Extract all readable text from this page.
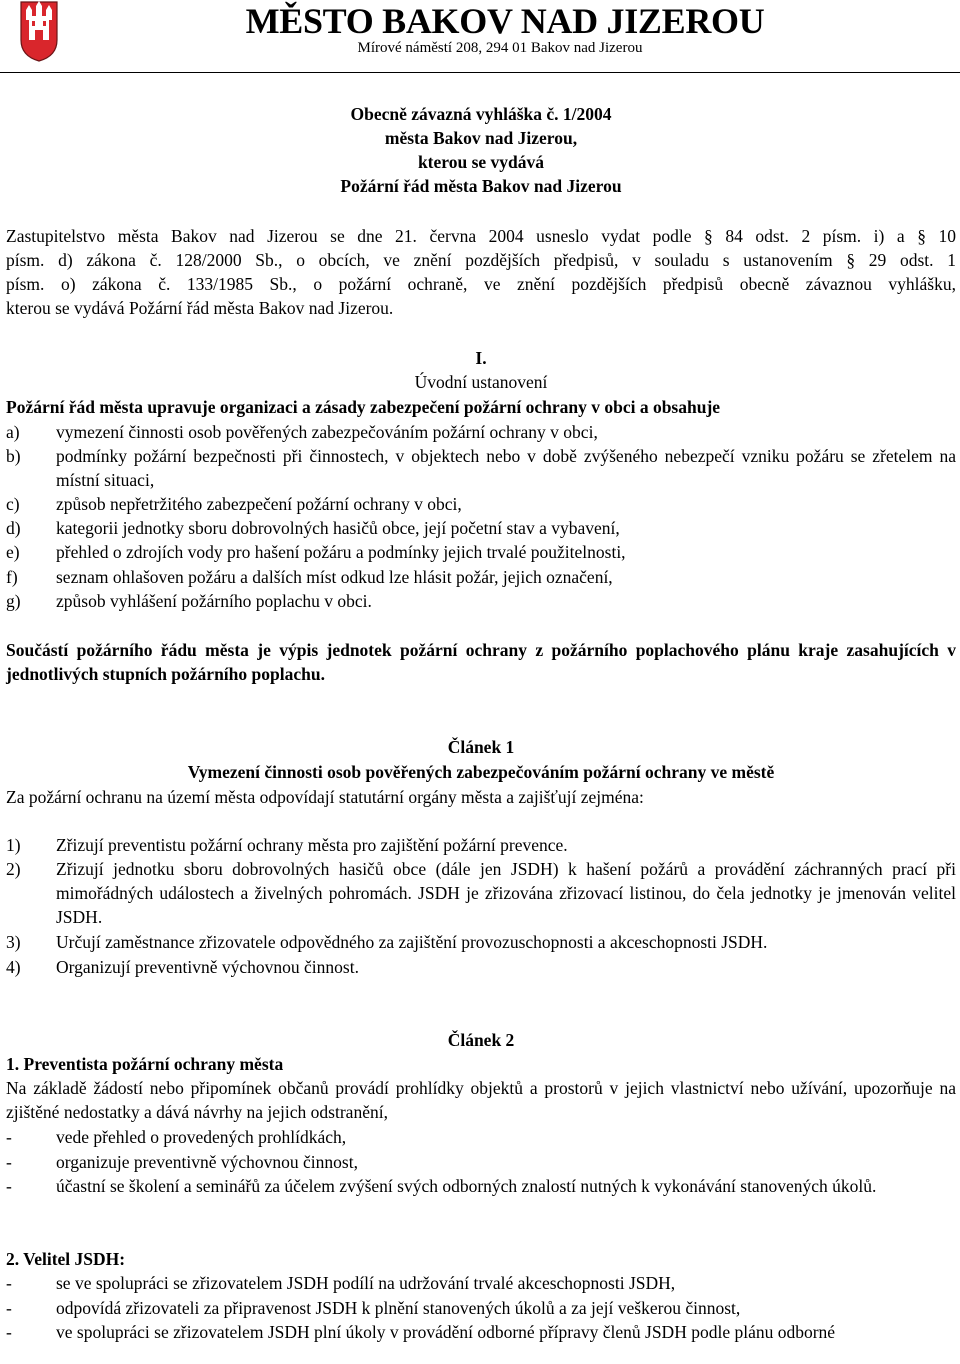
MĚSTO BAKOV NAD JIZEROU
Mírové náměstí 208, 294 01 Bakov nad Jizerou
Obecně závazná vyhláška č. 1/2004
města Bakov nad Jizerou,
kterou se vydává
Požární řád města Bakov nad Jizerou
Zastupitelstvo města Bakov nad Jizerou se dne 21. června 2004 usneslo vydat podle § 84 odst. 2 písm. i) a § 10
písm. d) zákona č. 128/2000 Sb., o obcích, ve znění pozdějších předpisů, v souladu s ustanovením § 29 odst. 1
písm. o) zákona č. 133/1985 Sb., o požární ochraně, ve znění pozdějších předpisů obecně závaznou vyhlášku,
kterou se vydává Požární řád města Bakov nad Jizerou.
I.
Úvodní ustanovení
Požární řád města upravuje organizaci a zásady zabezpečení požární ochrany v obci a obsahuje
a) vymezení činnosti osob pověřených zabezpečováním požární ochrany v obci,
b) podmínky požární bezpečnosti při činnostech, v objektech nebo v době zvýšeného nebezpečí vzniku požáru se zřetelem na místní situaci,
c) způsob nepřetržitého zabezpečení požární ochrany v obci,
d) kategorii jednotky sboru dobrovolných hasičů obce, její početní stav a vybavení,
e) přehled o zdrojích vody pro hašení požáru a podmínky jejich trvalé použitelnosti,
f) seznam ohlašoven požáru a dalších míst odkud lze hlásit požár, jejich označení,
g) způsob vyhlášení požárního poplachu v obci.
Součástí požárního řádu města je výpis jednotek požární ochrany z požárního poplachového plánu kraje zasahujících v jednotlivých stupních požárního poplachu.
Článek 1
Vymezení činnosti osob pověřených zabezpečováním požární ochrany ve městě
Za požární ochranu na území města odpovídají statutární orgány města a zajišťují zejména:
1) Zřizují preventistu požární ochrany města pro zajištění požární prevence.
2) Zřizují jednotku sboru dobrovolných hasičů obce (dále jen JSDH) k hašení požárů a provádění záchranných prací při mimořádných událostech a živelných pohromách. JSDH je zřizována zřizovací listinou, do čela jednotky je jmenován velitel JSDH.
3) Určují zaměstnance zřizovatele odpovědného za zajištění provozuschopnosti a akceschopnosti JSDH.
4) Organizují preventivně výchovnou činnost.
Článek 2
1. Preventista požární ochrany města
Na základě žádostí nebo připomínek občanů provádí prohlídky objektů a prostorů v jejich vlastnictví nebo užívání, upozorňuje na zjištěné nedostatky a dává návrhy na jejich odstranění,
-	vede přehled o provedených prohlídkách,
-	organizuje preventivně výchovnou činnost,
-	účastní se školení a seminářů za účelem zvýšení svých odborných znalostí nutných k vykonávání stanovených úkolů.
2. Velitel JSDH:
-	se ve spolupráci se zřizovatelem JSDH podílí na udržování trvalé akceschopnosti JSDH,
-	odpovídá zřizovateli za připravenost JSDH k plnění stanovených úkolů a za její veškerou činnost,
-	ve spolupráci se zřizovatelem JSDH plní úkoly v provádění odborné přípravy členů JSDH podle plánu odborné
